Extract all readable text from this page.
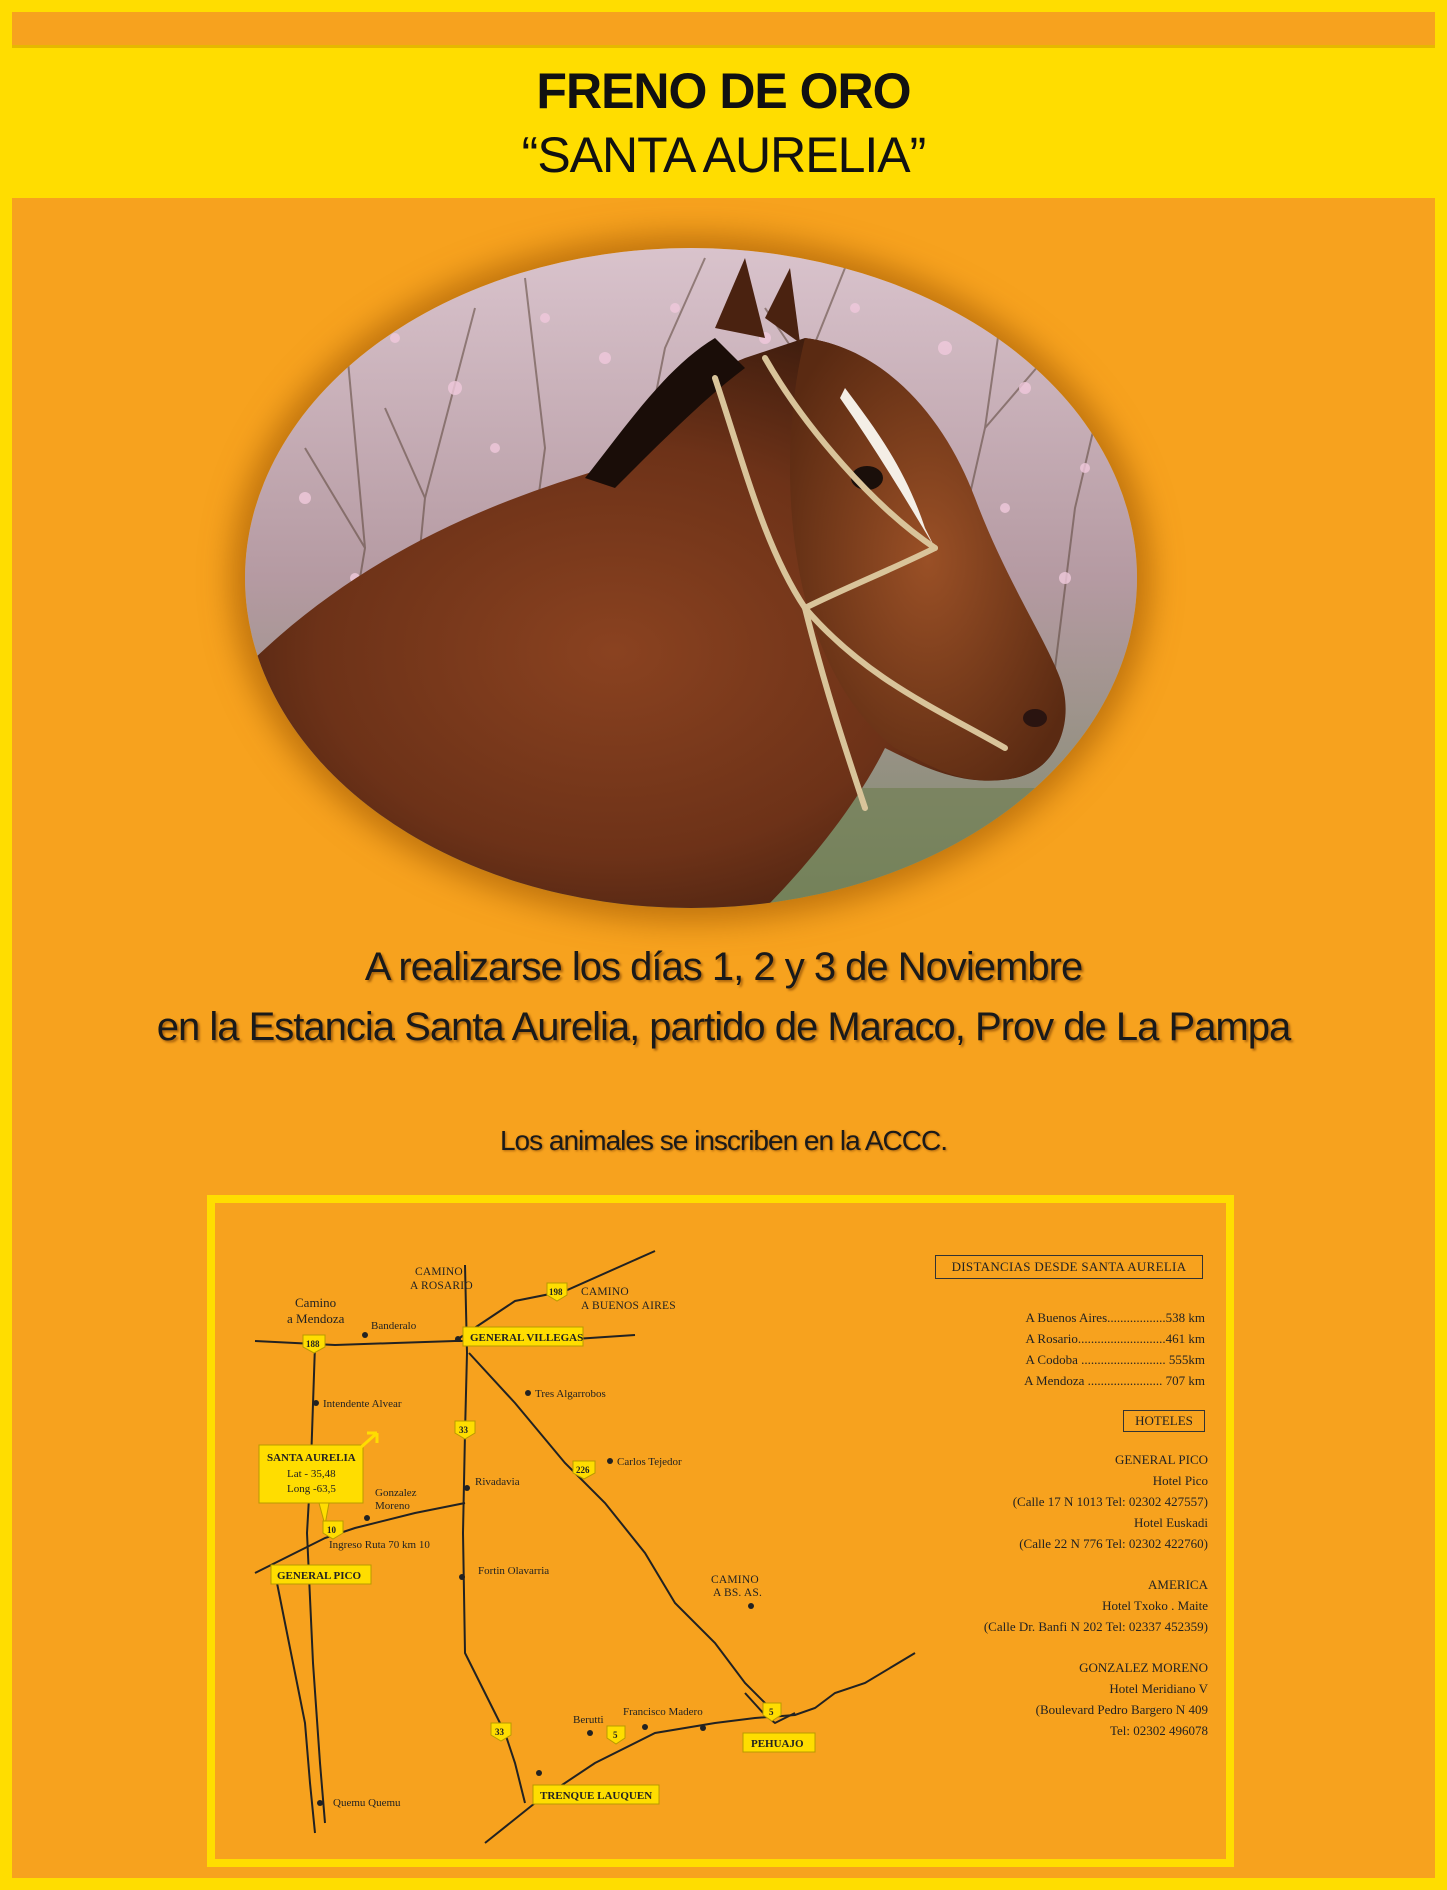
FRENO DE ORO
“SANTA AURELIA”
A realizarse los días 1, 2 y 3 de Noviembre
en la Estancia Santa Aurelia, partido de Maraco, Prov de La Pampa
Los animales se inscriben en la ACCC.
CAMINO
A ROSARIO	CAMINO
A BUENOS AIRES
Camino
a Mendoza Banderalo
Intendente Alvear
Tres Algarrobos
Carlos Tejedor
Rivadavia
Gonzalez
Moreno
Ingreso Ruta 70 km 10
Fortin Olavarria
CAMINO
A BS. AS.
Berutti
Francisco Madero
Quemu Quemu
GENERAL VILLEGAS
GENERAL PICO
PEHUAJO
TRENQUE LAUQUEN
SANTA AURELIA
Lat - 35,48
Long -63,5
198
188
33
226
10
33	5
5
DISTANCIAS DESDE SANTA AURELIA
A Buenos Aires..................538 km
A Rosario...........................461 km
A Codoba .......................... 555km
A Mendoza ....................... 707 km
HOTELES
GENERAL PICO
Hotel Pico
(Calle 17 N 1013 Tel: 02302 427557)
Hotel Euskadi
(Calle 22 N 776 Tel: 02302 422760)
AMERICA
Hotel Txoko . Maite
(Calle Dr. Banfi N 202 Tel: 02337 452359)
GONZALEZ MORENO
Hotel Meridiano V
(Boulevard Pedro Bargero N 409
Tel: 02302 496078
